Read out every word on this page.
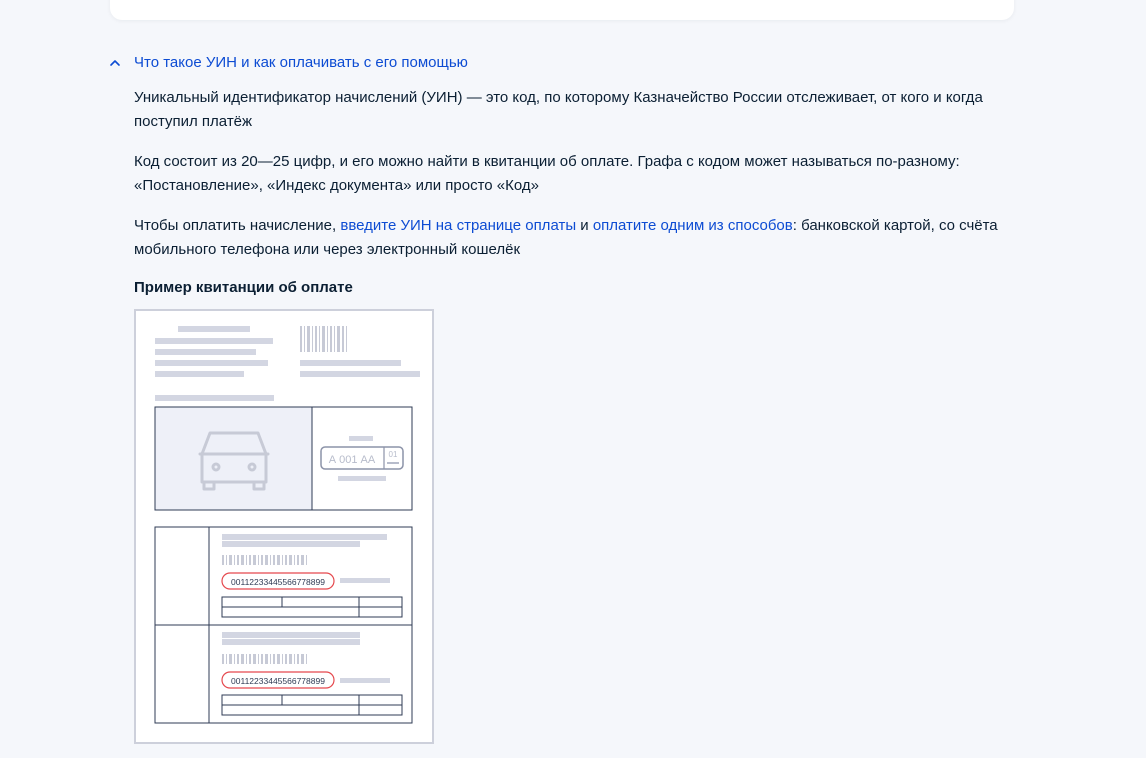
Что такое УИН и как оплачивать с его помощью

Уникальный идентификатор начислений (УИН) — это код, по которому Казначейство России отслеживает, от кого и когда поступил платёж

Код состоит из 20—25 цифр, и его можно найти в квитанции об оплате. Графа с кодом может называться по-разному: «Постановление», «Индекс документа» или просто «Код»

Чтобы оплатить начисление, введите УИН на странице оплаты и оплатите одним из способов: банковской картой, со счёта мобильного телефона или через электронный кошелёк

Пример квитанции об оплате
А 001 АА 01
00112233445566778899
00112233445566778899
